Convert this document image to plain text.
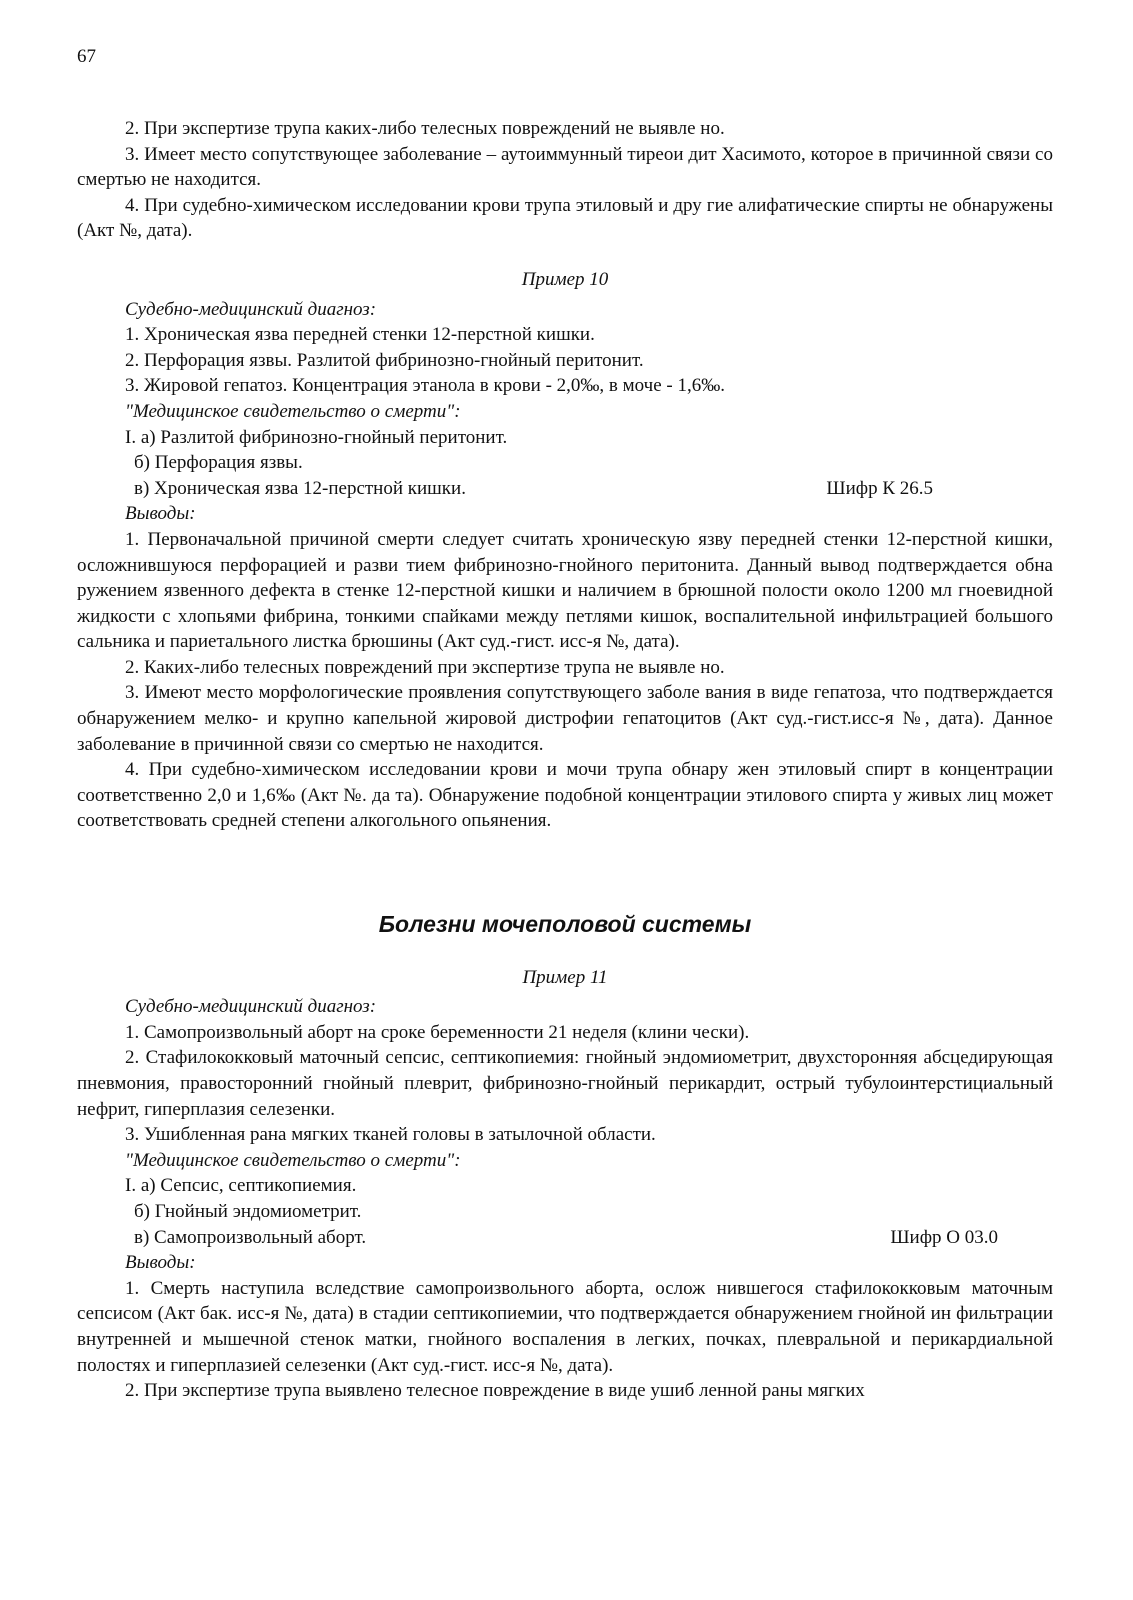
67

2. При экспертизе трупа каких-либо телесных повреждений не выявле но.

3. Имеет место сопутствующее заболевание – аутоиммунный тиреои дит Хасимото, которое в причинной связи со смертью не находится.

4. При судебно-химическом исследовании крови трупа этиловый и дру гие алифатические спирты не обнаружены (Акт №, дата).

Пример 10

Судебно-медицинский диагноз:

1. Хроническая язва передней стенки 12-перстной кишки.

2. Перфорация язвы. Разлитой фибринозно-гнойный перитонит.

3. Жировой гепатоз. Концентрация этанола в крови - 2,0‰, в моче - 1,6‰.

"Медицинское свидетельство о смерти":

I. а) Разлитой фибринозно-гнойный перитонит.

б) Перфорация язвы.

в) Хроническая язва 12-перстной кишки.	Шифр К 26.5

Выводы:

1. Первоначальной причиной смерти следует считать хроническую язву передней стенки 12-перстной кишки, осложнившуюся перфорацией и разви тием фибринозно-гнойного перитонита. Данный вывод подтверждается обна ружением язвенного дефекта в стенке 12-перстной кишки и наличием в брюшной полости около 1200 мл гноевидной жидкости с хлопьями фибрина, тонкими спайками между петлями кишок, воспалительной инфильтрацией большого сальника и париетального листка брюшины (Акт суд.-гист. исс-я №, дата).

2. Каких-либо телесных повреждений при экспертизе трупа не выявле но.

3. Имеют место морфологические проявления сопутствующего заболе вания в виде гепатоза, что подтверждается обнаружением мелко- и крупно капельной жировой дистрофии гепатоцитов (Акт суд.-гист.исс-я №, дата). Данное заболевание в причинной связи со смертью не находится.

4. При судебно-химическом исследовании крови и мочи трупа обнару жен этиловый спирт в концентрации соответственно 2,0 и 1,6‰ (Акт №. да та). Обнаружение подобной концентрации этилового спирта у живых лиц может соответствовать средней степени алкогольного опьянения.

Болезни мочеполовой системы

Пример 11

Судебно-медицинский диагноз:

1. Самопроизвольный аборт на сроке беременности 21 неделя (клини чески).

2. Стафилококковый маточный сепсис, септикопиемия: гнойный эндомиометрит, двухсторонняя абсцедирующая пневмония, правосторонний гнойный плеврит, фибринозно-гнойный перикардит, острый тубулоинтерстициальный нефрит, гиперплазия селезенки.

3. Ушибленная рана мягких тканей головы в затылочной области.

"Медицинское свидетельство о смерти":

I. а) Сепсис, септикопиемия.

б) Гнойный эндомиометрит.

в) Самопроизвольный аборт.	Шифр О 03.0

Выводы:

1. Смерть наступила вследствие самопроизвольного аборта, ослож нившегося стафилококковым маточным сепсисом (Акт бак. исс-я №, дата) в стадии септикопиемии, что подтверждается обнаружением гнойной ин фильтрации внутренней и мышечной стенок матки, гнойного воспаления в легких, почках, плевральной и перикардиальной полостях и гиперплазией селезенки (Акт суд.-гист. исс-я №, дата).

2. При экспертизе трупа выявлено телесное повреждение в виде ушиб ленной раны мягких
